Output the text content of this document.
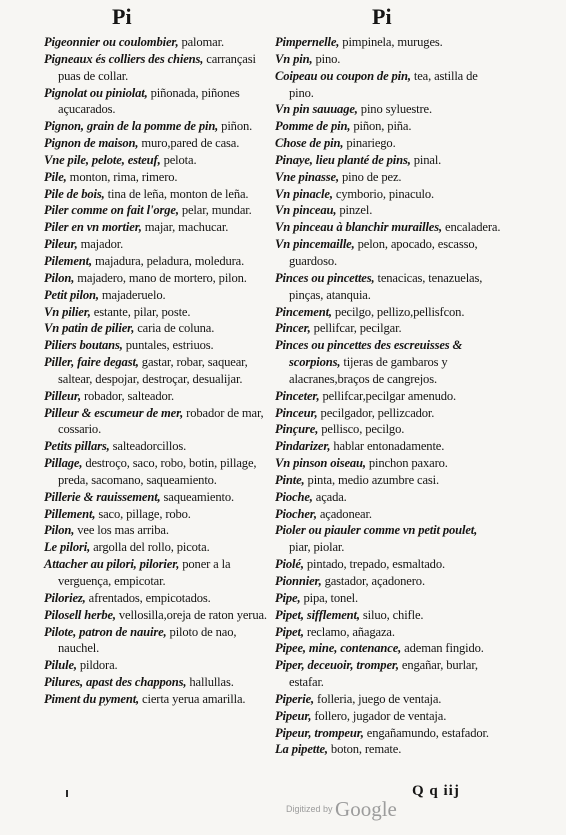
Pi	Pi

Pigeonnier ou coulombier, palomar.

Pigneaux és colliers des chiens, carrançasi puas de collar.

Pignolat ou piniolat, piñonada, piñones açucarados.

Pignon, grain de la pomme de pin, piñon.

Pignon de maison, muro,pared de casa.

Vne pile, pelote, esteuf, pelota.

Pile, monton, rima, rimero.

Pile de bois, tina de leña, monton de leña.

Piler comme on fait l'orge, pelar, mundar.

Piler en vn mortier, majar, machucar.

Pileur, majador.

Pilement, majadura, peladura, moledura.

Pilon, majadero, mano de mortero, pilon.

Petit pilon, majaderuelo.

Vn pilier, estante, pilar, poste.

Vn patin de pilier, caria de coluna.

Piliers boutans, puntales, estriuos.

Piller, faire degast, gastar, robar, saquear, saltear, despojar, destroçar, desualijar.

Pilleur, robador, salteador.

Pilleur & escumeur de mer, robador de mar, cossario.

Petits pillars, salteadorcillos.

Pillage, destroço, saco, robo, botin, pillage, preda, sacomano, saqueamiento.

Pillerie & rauissement, saqueamiento.

Pillement, saco, pillage, robo.

Pilon, vee los mas arriba.

Le pilori, argolla del rollo, picota.

Attacher au pilori, pilorier, poner a la verguença, empicotar.

Piloriez, afrentados, empicotados.

Pilosell herbe, vellosilla,oreja de raton yerua.

Pilote, patron de nauire, piloto de nao, nauchel.

Pilule, pildora.

Pilures, apast des chappons, hallullas.

Piment du pyment, cierta yerua amarilla.

Pimpernelle, pimpinela, muruges.

Vn pin, pino.

Coipeau ou coupon de pin, tea, astilla de pino.

Vn pin sauuage, pino syluestre.

Pomme de pin, piñon, piña.

Chose de pin, pinariego.

Pinaye, lieu planté de pins, pinal.

Vne pinasse, pino de pez.

Vn pinacle, cymborio, pinaculo.

Vn pinceau, pinzel.

Vn pinceau à blanchir murailles, encaladera.

Vn pincemaille, pelon, apocado, escasso, guardoso.

Pinces ou pincettes, tenacicas, tenazuelas, pinças, atanquia.

Pincement, pecilgo, pellizo,pellisfcon.

Pincer, pellifcar, pecilgar.

Pinces ou pincettes des escreuisses & scorpions, tijeras de gambaros y alacranes,braços de cangrejos.

Pinceter, pellifcar,pecilgar amenudo.

Pinceur, pecilgador, pellizcador.

Pinçure, pellisco, pecilgo.

Pindarizer, hablar entonadamente.

Vn pinson oiseau, pinchon paxaro.

Pinte, pinta, medio azumbre casi.

Pioche, açada.

Piocher, açadonear.

Pioler ou piauler comme vn petit poulet, piar, piolar.

Piolé, pintado, trepado, esmaltado.

Pionnier, gastador, açadonero.

Pipe, pipa, tonel.

Pipet, sifflement, siluo, chifle.

Pipet, reclamo, añagaza.

Pipee, mine, contenance, ademan fingido.

Piper, deceuoir, tromper, engañar, burlar, estafar.

Piperie, folleria, juego de ventaja.

Pipeur, follero, jugador de ventaja.

Pipeur, trompeur, engañamundo, estafador.

La pipette, boton, remate.

Q q iij
$^{Digitized by}$ Google
